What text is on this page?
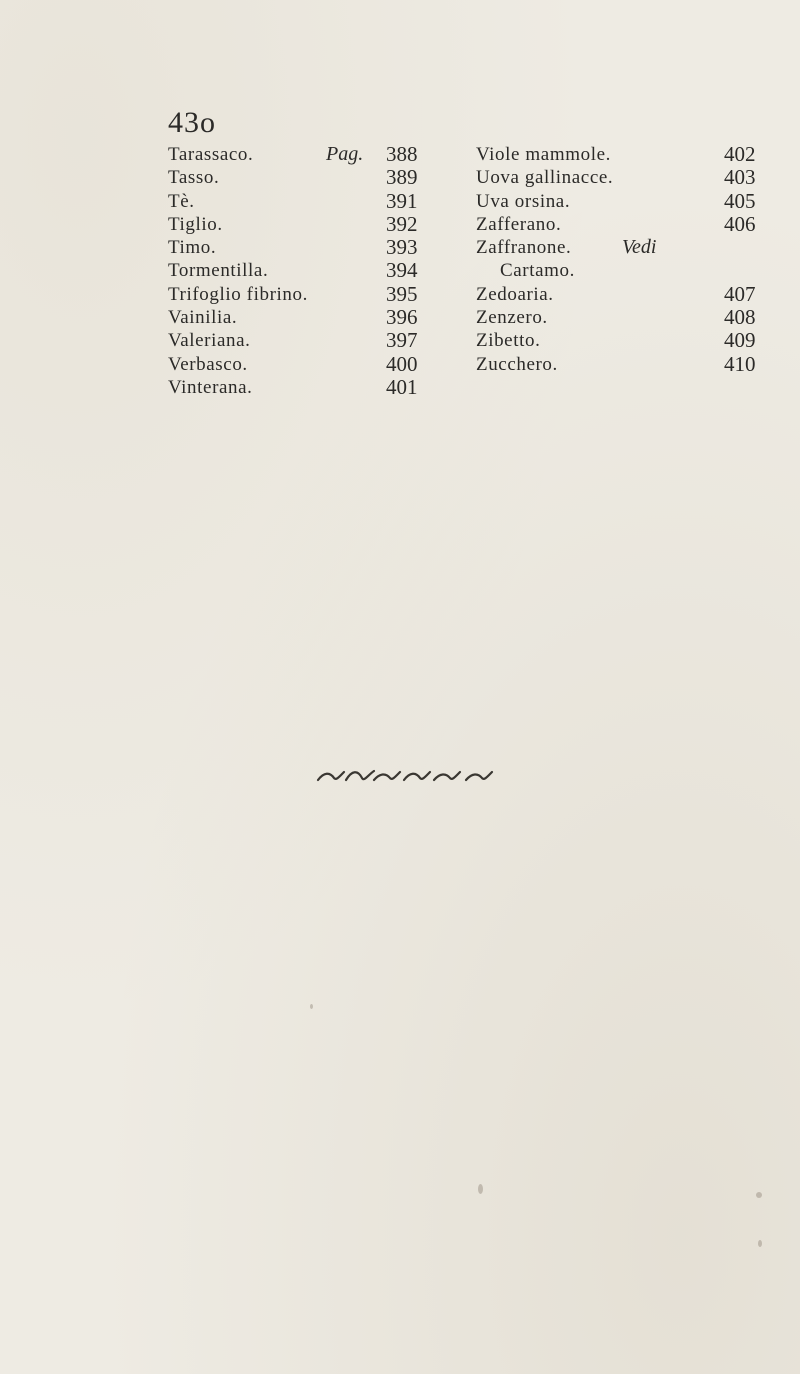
43o
Tarassaco.	Pag. 388
Tasso.	389
Tè.	391
Tiglio.	392
Timo.	393
Tormentilla.	394
Trifoglio fibrino.	395
Vainilia.	396
Valeriana.	397
Verbasco.	400
Vinterana.	401
Viole mammole.	402
Uova gallinacce.	403
Uva orsina.	405
Zafferano.	406
Zaffranone.	Vedi
Cartamo.
Zedoaria.	407
Zenzero.	408
Zibetto.	409
Zucchero.	410
